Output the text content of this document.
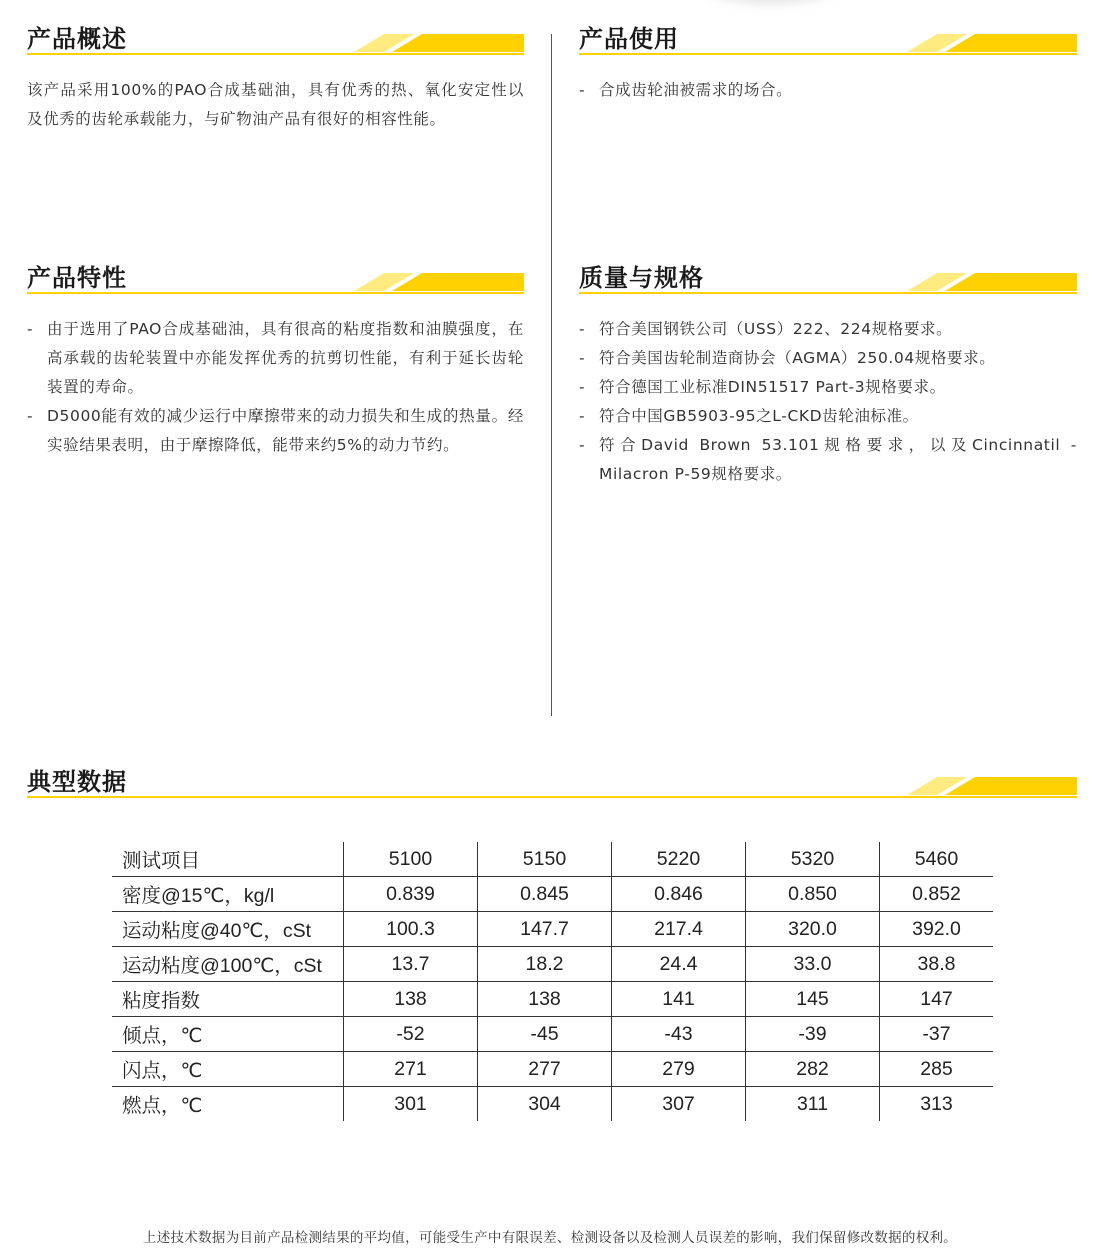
产品概述

该产品采用100%的PAO合成基础油，具有优秀的热、氧化安定性以及优秀的齿轮承载能力，与矿物油产品有很好的相容性能。

产品使用
- 合成齿轮油被需求的场合。
产品特性
- 由于选用了PAO合成基础油，具有很高的粘度指数和油膜强度，在高承载的齿轮装置中亦能发挥优秀的抗剪切性能，有利于延长齿轮装置的寿命。
- D5000能有效的减少运行中摩擦带来的动力损失和生成的热量。经实验结果表明，由于摩擦降低，能带来约5%的动力节约。
质量与规格
- 符合美国钢铁公司（USS）222、224规格要求。
- 符合美国齿轮制造商协会（AGMA）250.04规格要求。
- 符合德国工业标准DIN51517 Part-3规格要求。
- 符合中国GB5903-95之L-CKD齿轮油标准。
- 符合David Brown 53.101规格要求，以及Cincinnatil - Milacron P-59规格要求。
典型数据
测试项目	5100	5150	5220	5320	5460
密度@15℃，kg/l	0.839	0.845	0.846	0.850	0.852
运动粘度@40℃，cSt	100.3	147.7	217.4	320.0	392.0
运动粘度@100℃，cSt	13.7	18.2	24.4	33.0	38.8
粘度指数	138	138	141	145	147
倾点，℃	-52	-45	-43	-39	-37
闪点，℃	271	277	279	282	285
燃点，℃	301	304	307	311	313
上述技术数据为目前产品检测结果的平均值，可能受生产中有限误差、检测设备以及检测人员误差的影响，我们保留修改数据的权利。
